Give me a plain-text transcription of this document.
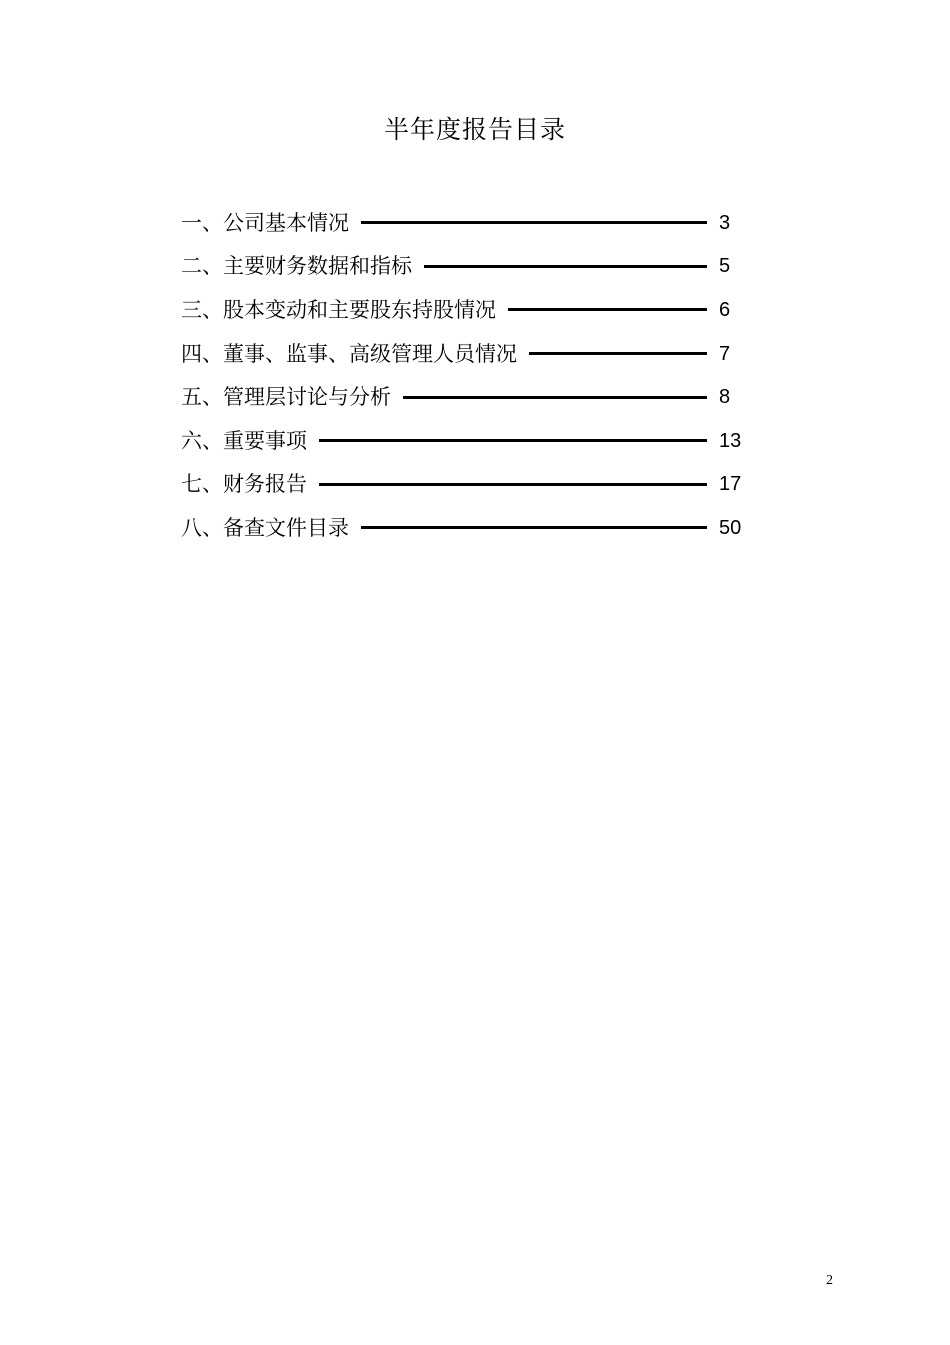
半年度报告目录
一、公司基本情况	3
二、主要财务数据和指标	5
三、股本变动和主要股东持股情况	6
四、董事、监事、高级管理人员情况	7
五、管理层讨论与分析	8
六、重要事项	13
七、财务报告	17
八、备查文件目录	50
2
